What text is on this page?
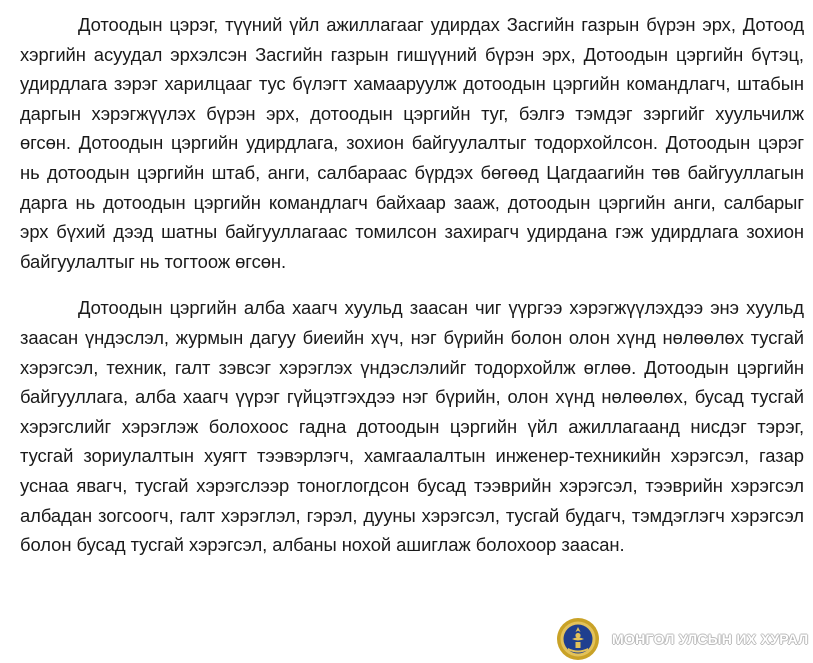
Дотоодын цэрэг, түүний үйл ажиллагааг удирдах Засгийн газрын бүрэн эрх, Дотоод хэргийн асуудал эрхэлсэн Засгийн газрын гишүүний бүрэн эрх, Дотоодын цэргийн бүтэц, удирдлага зэрэг харилцааг тус бүлэгт хамааруулж дотоодын цэргийн командлагч, штабын даргын хэрэгжүүлэх бүрэн эрх, дотоодын цэргийн туг, бэлгэ тэмдэг зэргийг хуульчилж өгсөн. Дотоодын цэргийн удирдлага, зохион байгуулалтыг тодорхойлсон. Дотоодын цэрэг нь дотоодын цэргийн штаб, анги, салбараас бүрдэх бөгөөд Цагдаагийн төв байгууллагын дарга нь дотоодын цэргийн командлагч байхаар зааж, дотоодын цэргийн анги, салбарыг эрх бүхий дээд шатны байгууллагаас томилсон захирагч удирдана гэж удирдлага зохион байгуулалтыг нь тогтоож өгсөн.

Дотоодын цэргийн алба хаагч хуульд заасан чиг үүргээ хэрэгжүүлэхдээ энэ хуульд заасан үндэслэл, журмын дагуу биеийн хүч, нэг бүрийн болон олон хүнд нөлөөлөх тусгай хэрэгсэл, техник, галт зэвсэг хэрэглэх үндэслэлийг тодорхойлж өглөө. Дотоодын цэргийн байгууллага, алба хаагч үүрэг гүйцэтгэхдээ нэг бүрийн, олон хүнд нөлөөлөх, бусад тусгай хэрэгслийг хэрэглэж болохоос гадна дотоодын цэргийн үйл ажиллагаанд нисдэг тэрэг, тусгай зориулалтын хуягт тээвэрлэгч, хамгаалалтын инженер-техникийн хэрэгсэл, газар уснаа явагч, тусгай хэрэгслээр тоноглогдсон бусад тээврийн хэрэгсэл, тээврийн хэрэгсэл албадан зогсоогч, галт хэрэглэл, гэрэл, дууны хэрэгсэл, тусгай будагч, тэмдэглэгч хэрэгсэл болон бусад тусгай хэрэгсэл, албаны нохой ашиглаж болохоор заасан.

МОНГОЛ УЛСЫН ИХ ХУРАЛ
